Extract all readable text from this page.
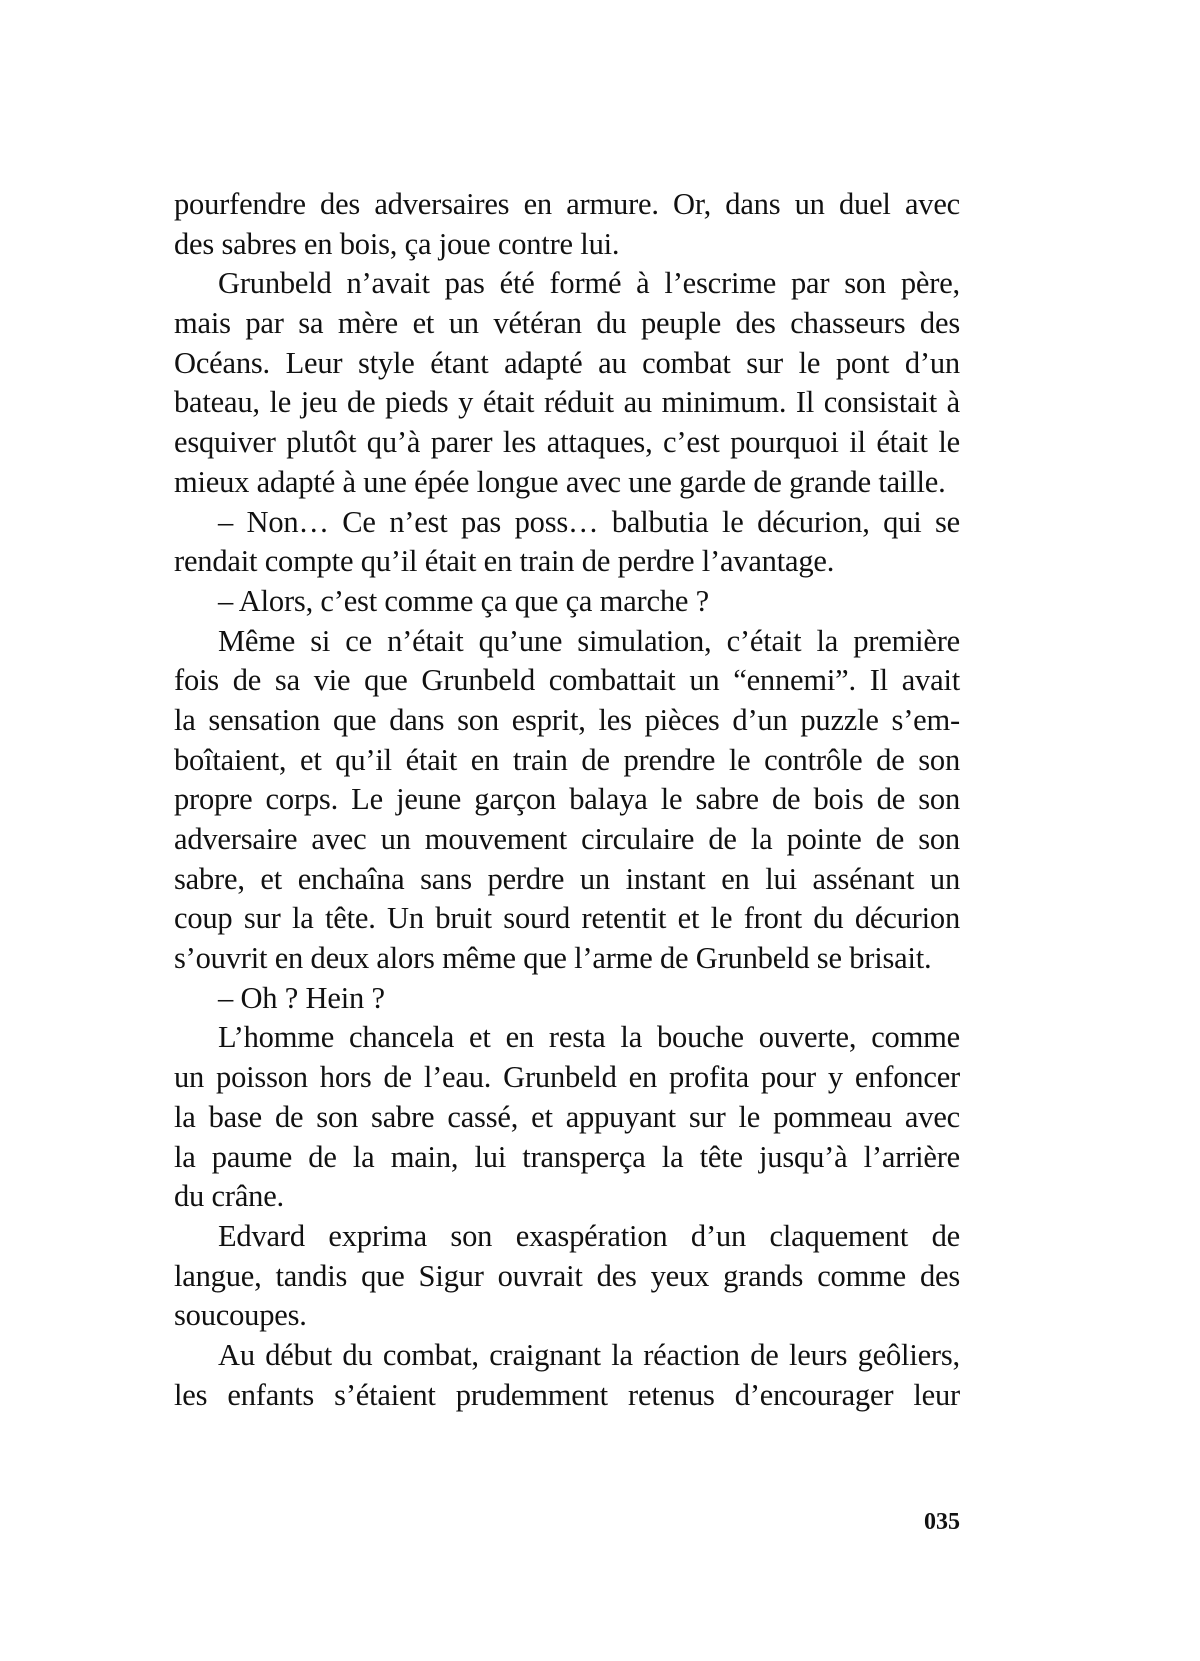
pourfendre des adversaires en armure. Or, dans un duel avec
des sabres en bois, ça joue contre lui.
Grunbeld n’avait pas été formé à l’escrime par son père,
mais par sa mère et un vétéran du peuple des chasseurs des
Océans. Leur style étant adapté au combat sur le pont d’un
bateau, le jeu de pieds y était réduit au minimum. Il consistait à
esquiver plutôt qu’à parer les attaques, c’est pourquoi il était le
mieux adapté à une épée longue avec une garde de grande taille.
– Non… Ce n’est pas poss… balbutia le décurion, qui se
rendait compte qu’il était en train de perdre l’avantage.
– Alors, c’est comme ça que ça marche ?
Même si ce n’était qu’une simulation, c’était la première
fois de sa vie que Grunbeld combattait un “ennemi”. Il avait
la sensation que dans son esprit, les pièces d’un puzzle s’em-
boîtaient, et qu’il était en train de prendre le contrôle de son
propre corps. Le jeune garçon balaya le sabre de bois de son
adversaire avec un mouvement circulaire de la pointe de son
sabre, et enchaîna sans perdre un instant en lui assénant un
coup sur la tête. Un bruit sourd retentit et le front du décurion
s’ouvrit en deux alors même que l’arme de Grunbeld se brisait.
– Oh ? Hein ?
L’homme chancela et en resta la bouche ouverte, comme
un poisson hors de l’eau. Grunbeld en profita pour y enfoncer
la base de son sabre cassé, et appuyant sur le pommeau avec
la paume de la main, lui transperça la tête jusqu’à l’arrière
du crâne.
Edvard exprima son exaspération d’un claquement de
langue, tandis que Sigur ouvrait des yeux grands comme des
soucoupes.
Au début du combat, craignant la réaction de leurs geôliers,
les enfants s’étaient prudemment retenus d’encourager leur
035
